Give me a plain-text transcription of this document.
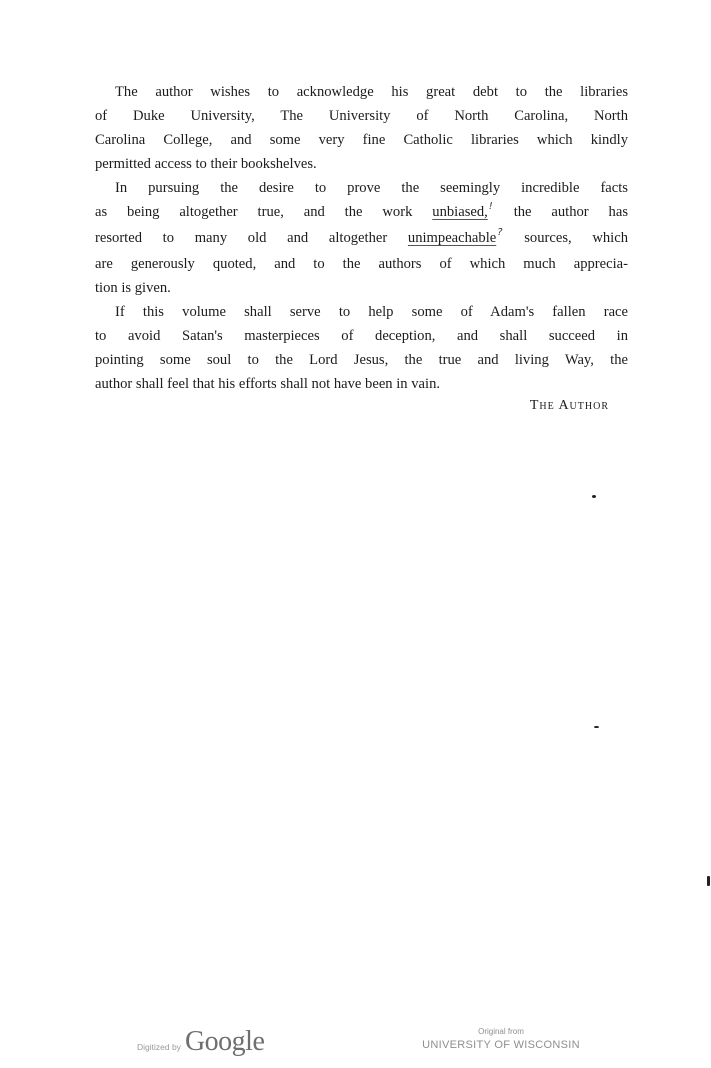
The author wishes to acknowledge his great debt to the libraries
of Duke University, The University of North Carolina, North
Carolina College, and some very fine Catholic libraries which kindly
permitted access to their bookshelves.

In pursuing the desire to prove the seemingly incredible facts
as being altogether true, and the work unbiased,! the author has
resorted to many old and altogether unimpeachable? sources, which
are generously quoted, and to the authors of which much apprecia-
tion is given.

If this volume shall serve to help some of Adam's fallen race
to avoid Satan's masterpieces of deception, and shall succeed in
pointing some soul to the Lord Jesus, the true and living Way, the
author shall feel that his efforts shall not have been in vain.

The Author
Digitized by Google	Original from
UNIVERSITY OF WISCONSIN
